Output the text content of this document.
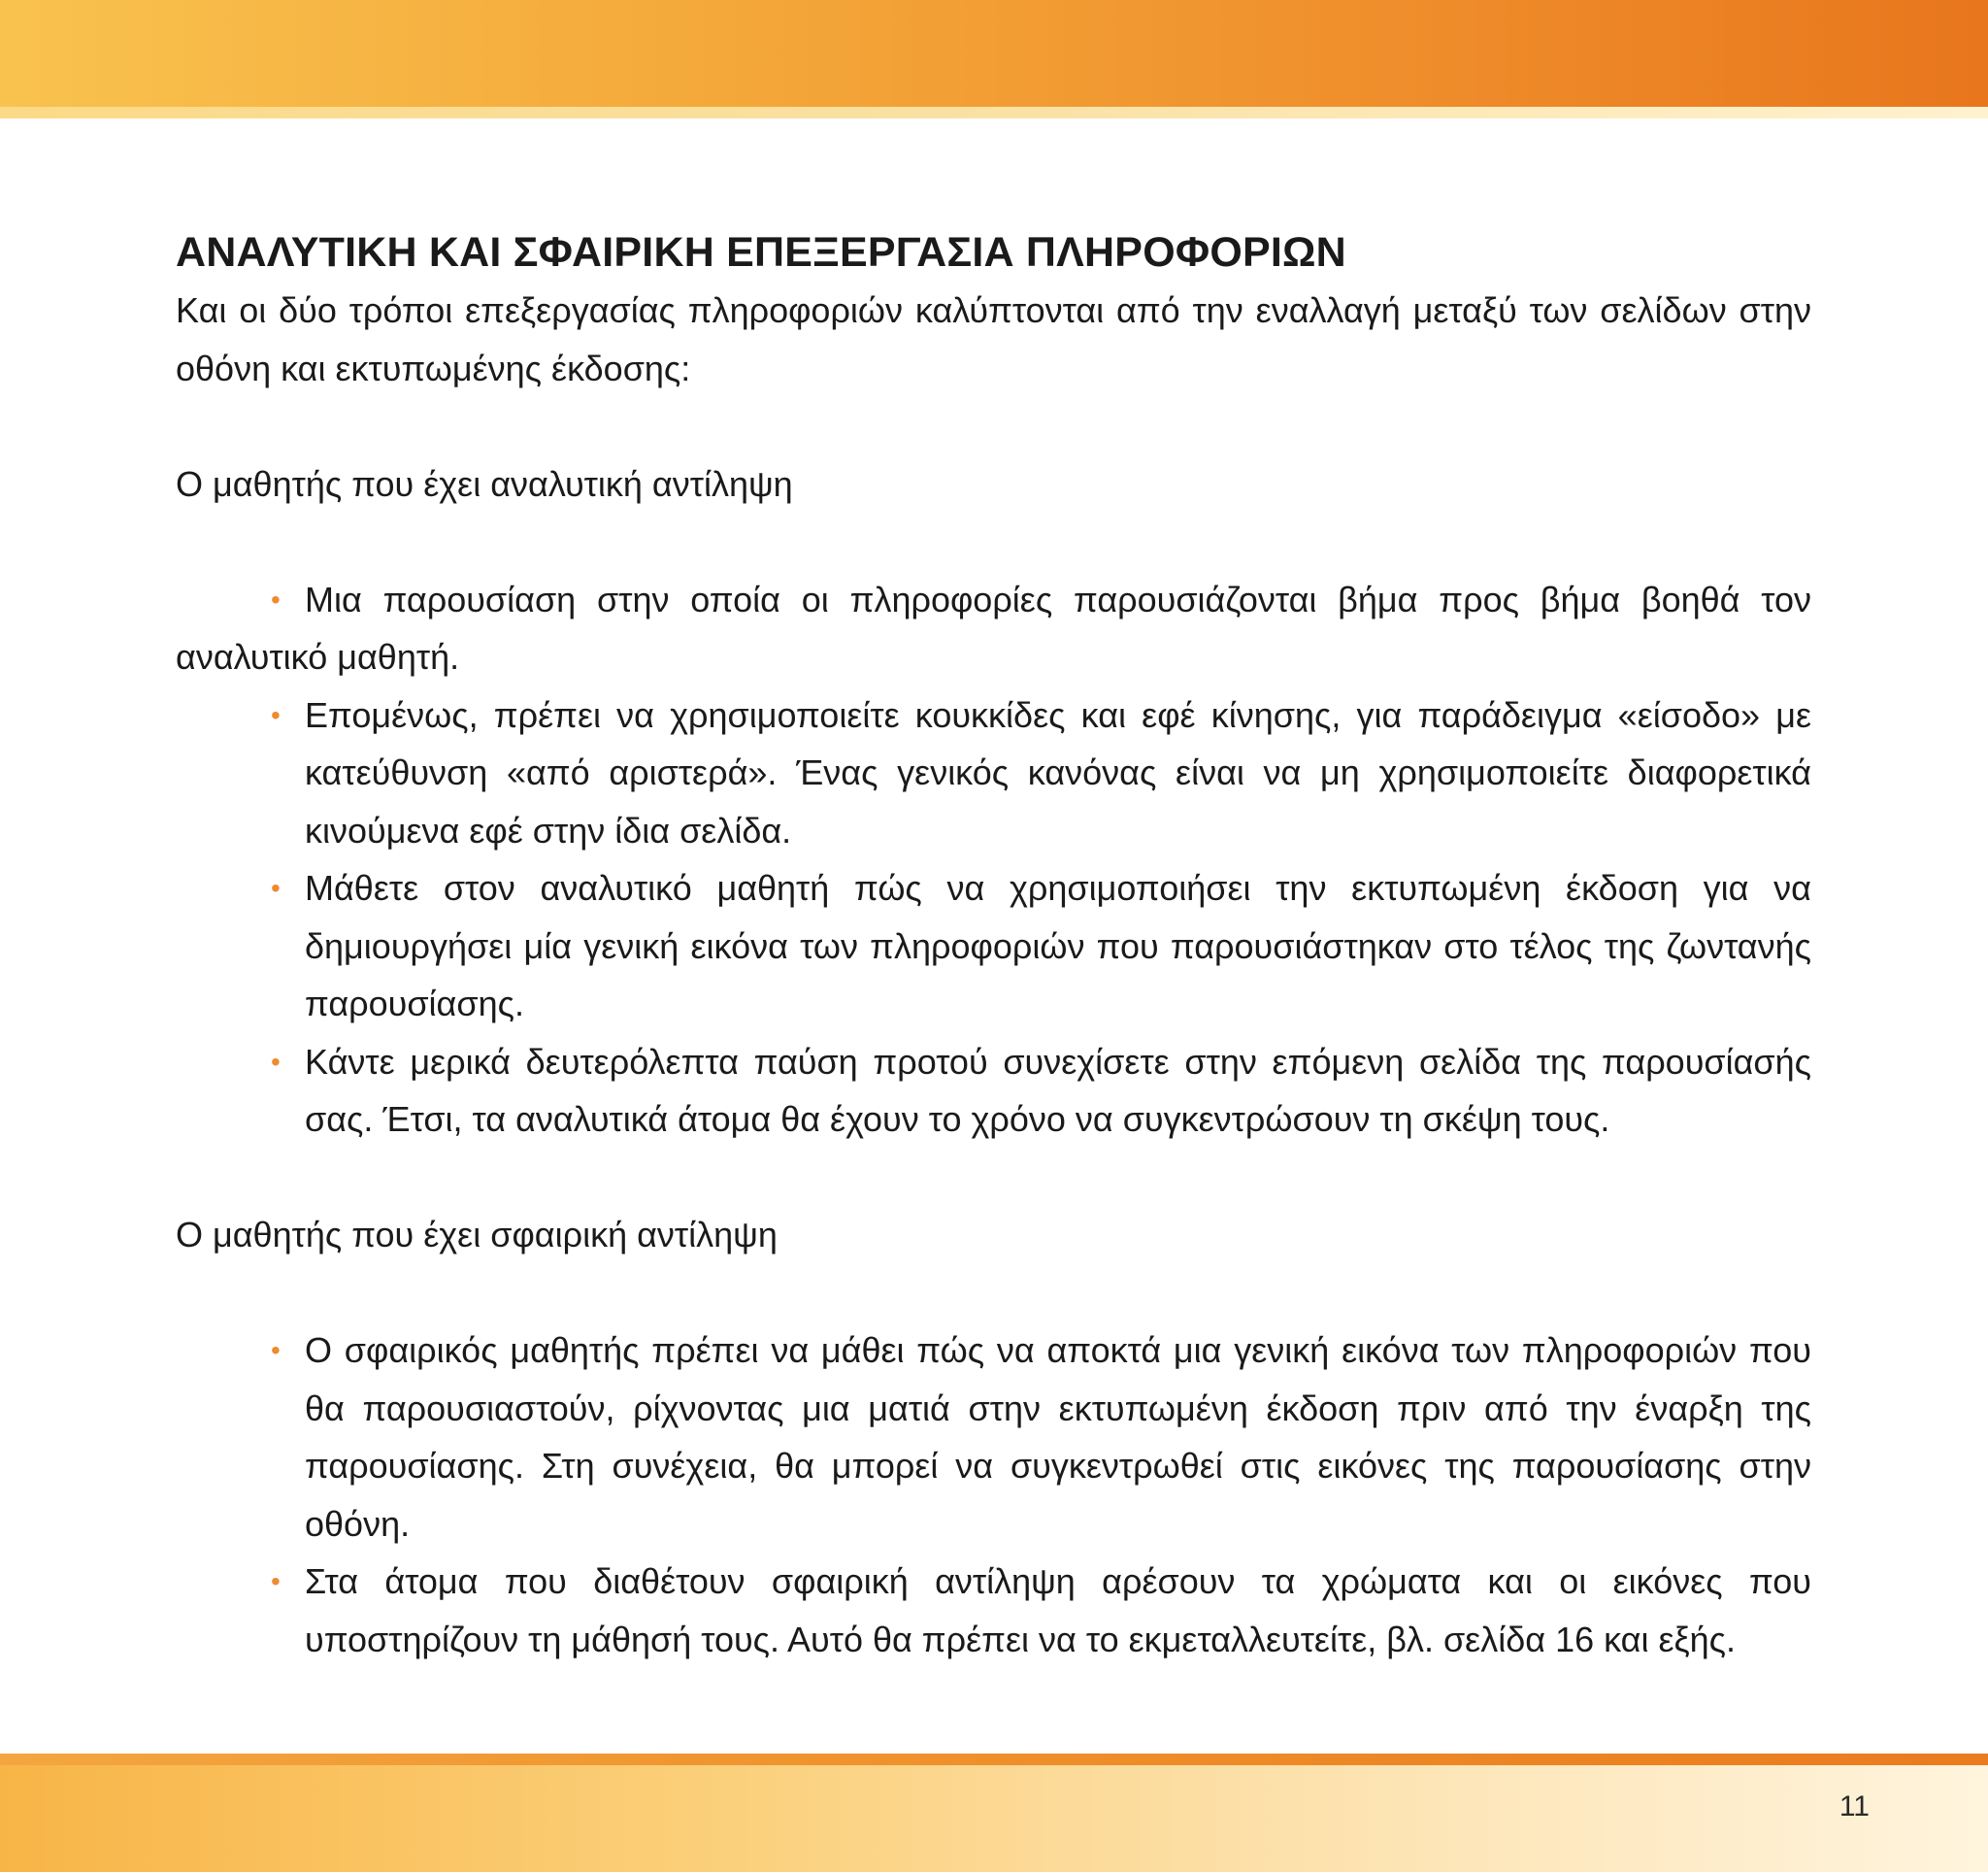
ΑΝΑΛΥΤΙΚΗ ΚΑΙ ΣΦΑΙΡΙΚΗ ΕΠΕΞΕΡΓΑΣΙΑ ΠΛΗΡΟΦΟΡΙΩΝ

Και οι δύο τρόποι επεξεργασίας πληροφοριών καλύπτονται από την εναλλαγή μεταξύ των σελίδων στην οθόνη και εκτυπωμένης έκδοσης:

Ο μαθητής που έχει αναλυτική αντίληψη

• Μια παρουσίαση στην οποία οι πληροφορίες παρουσιάζονται βήμα προς βήμα βοηθά τον αναλυτικό μαθητή.
• Επομένως, πρέπει να χρησιμοποιείτε κουκκίδες και εφέ κίνησης, για παράδειγμα «είσοδο» με κατεύθυνση «από αριστερά». Ένας γενικός κανόνας είναι να μη χρησιμοποιείτε διαφορετικά κινούμενα εφέ στην ίδια σελίδα.
• Μάθετε στον αναλυτικό μαθητή πώς να χρησιμοποιήσει την εκτυπωμένη έκδοση για να δημιουργήσει μία γενική εικόνα των πληροφοριών που παρουσιάστηκαν στο τέλος της ζωντανής παρουσίασης.
• Κάντε μερικά δευτερόλεπτα παύση προτού συνεχίσετε στην επόμενη σελίδα της παρουσίασής σας. Έτσι, τα αναλυτικά άτομα θα έχουν το χρόνο να συγκεντρώσουν τη σκέψη τους.

Ο μαθητής που έχει σφαιρική αντίληψη

• Ο σφαιρικός μαθητής πρέπει να μάθει πώς να αποκτά μια γενική εικόνα των πληροφοριών που θα παρουσιαστούν, ρίχνοντας μια ματιά στην εκτυπωμένη έκδοση πριν από την έναρξη της παρουσίασης. Στη συνέχεια, θα μπορεί να συγκεντρωθεί στις εικόνες της παρουσίασης στην οθόνη.
• Στα άτομα που διαθέτουν σφαιρική αντίληψη αρέσουν τα χρώματα και οι εικόνες που υποστηρίζουν τη μάθησή τους. Αυτό θα πρέπει να το εκμεταλλευτείτε, βλ. σελίδα 16 και εξής.
11
